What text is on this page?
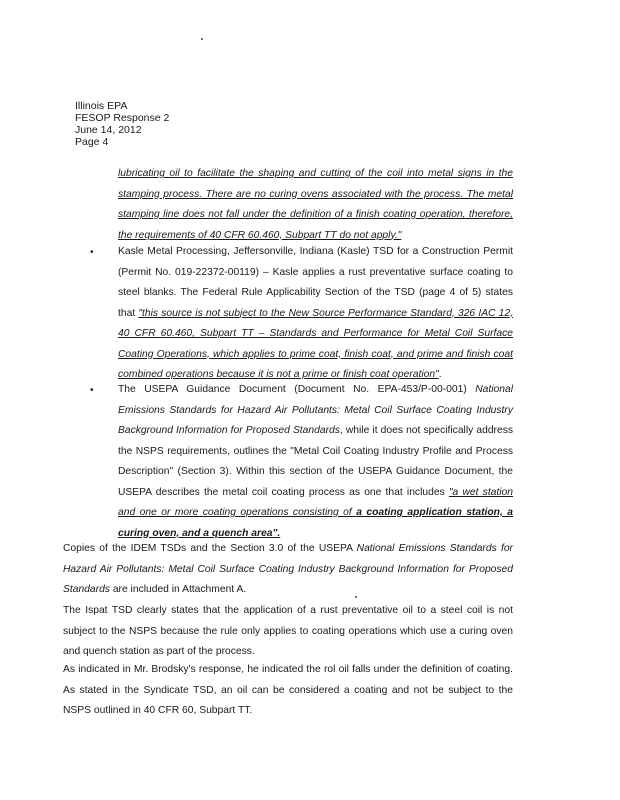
Illinois EPA
FESOP Response 2
June 14, 2012
Page 4
lubricating oil to facilitate the shaping and cutting of the coil into metal signs in the stamping process. There are no curing ovens associated with the process. The metal stamping line does not fall under the definition of a finish coating operation, therefore, the requirements of 40 CFR 60.460, Subpart TT do not apply."
• Kasle Metal Processing, Jeffersonville, Indiana (Kasle) TSD for a Construction Permit (Permit No. 019-22372-00119) – Kasle applies a rust preventative surface coating to steel blanks. The Federal Rule Applicability Section of the TSD (page 4 of 5) states that "this source is not subject to the New Source Performance Standard, 326 IAC 12, 40 CFR 60.460, Subpart TT – Standards and Performance for Metal Coil Surface Coating Operations, which applies to prime coat, finish coat, and prime and finish coat combined operations because it is not a prime or finish coat operation".
• The USEPA Guidance Document (Document No. EPA-453/P-00-001) National Emissions Standards for Hazard Air Pollutants: Metal Coil Surface Coating Industry Background Information for Proposed Standards, while it does not specifically address the NSPS requirements, outlines the "Metal Coil Coating Industry Profile and Process Description" (Section 3). Within this section of the USEPA Guidance Document, the USEPA describes the metal coil coating process as one that includes "a wet station and one or more coating operations consisting of a coating application station, a curing oven, and a quench area".
Copies of the IDEM TSDs and the Section 3.0 of the USEPA National Emissions Standards for Hazard Air Pollutants: Metal Coil Surface Coating Industry Background Information for Proposed Standards are included in Attachment A.
The Ispat TSD clearly states that the application of a rust preventative oil to a steel coil is not subject to the NSPS because the rule only applies to coating operations which use a curing oven and quench station as part of the process.
As indicated in Mr. Brodsky's response, he indicated the rol oil falls under the definition of coating. As stated in the Syndicate TSD, an oil can be considered a coating and not be subject to the NSPS outlined in 40 CFR 60, Subpart TT.
